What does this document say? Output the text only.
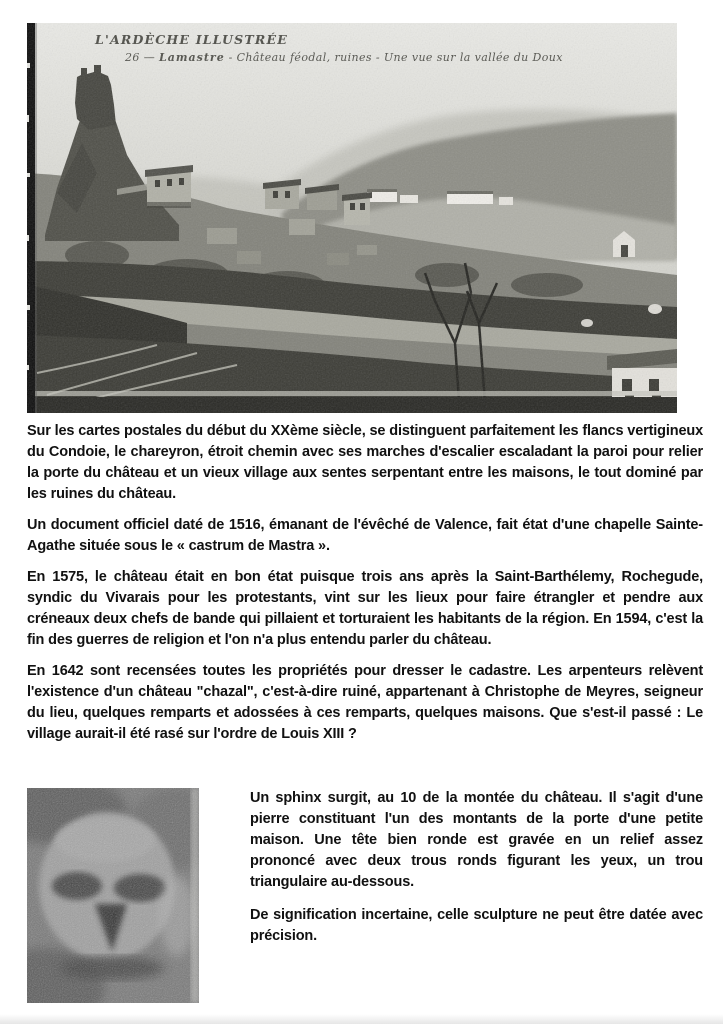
L'ARDÈCHE ILLUSTRÉE
26 — Lamastre - Château féodal, ruines - Une vue sur la vallée du Doux

Sur les cartes postales du début du XXème siècle, se distinguent parfaitement les flancs vertigineux du Condoie, le chareyron, étroit chemin avec ses marches d'escalier escaladant la paroi pour relier la porte du château et un vieux village aux sentes serpentant entre les maisons, le tout dominé par les ruines du château.

Un document officiel daté de 1516, émanant de l'évêché de Valence, fait état d'une chapelle Sainte-Agathe située sous le « castrum de Mastra ».

En 1575, le château était en bon état puisque trois ans après la Saint-Barthélemy, Rochegude, syndic du Vivarais pour les protestants, vint sur les lieux pour faire étrangler et pendre aux créneaux deux chefs de bande qui pillaient et torturaient les habitants de la région. En 1594, c'est la fin des guerres de religion et l'on n'a plus entendu parler du château.

En 1642 sont recensées toutes les propriétés pour dresser le cadastre. Les arpenteurs relèvent l'existence d'un château "chazal", c'est-à-dire ruiné, appartenant à Christophe de Meyres, seigneur du lieu, quelques remparts et adossées à ces remparts, quelques maisons. Que s'est-il passé : Le village aurait-il été rasé sur l'ordre de Louis XIII ?

Un sphinx surgit, au 10 de la montée du château. Il s'agit d'une pierre constituant l'un des montants de la porte d'une petite maison. Une tête bien ronde est gravée en un relief assez prononcé avec deux trous ronds figurant les yeux, un trou triangulaire au-dessous.

De signification incertaine, celle sculpture ne peut être datée avec précision.
